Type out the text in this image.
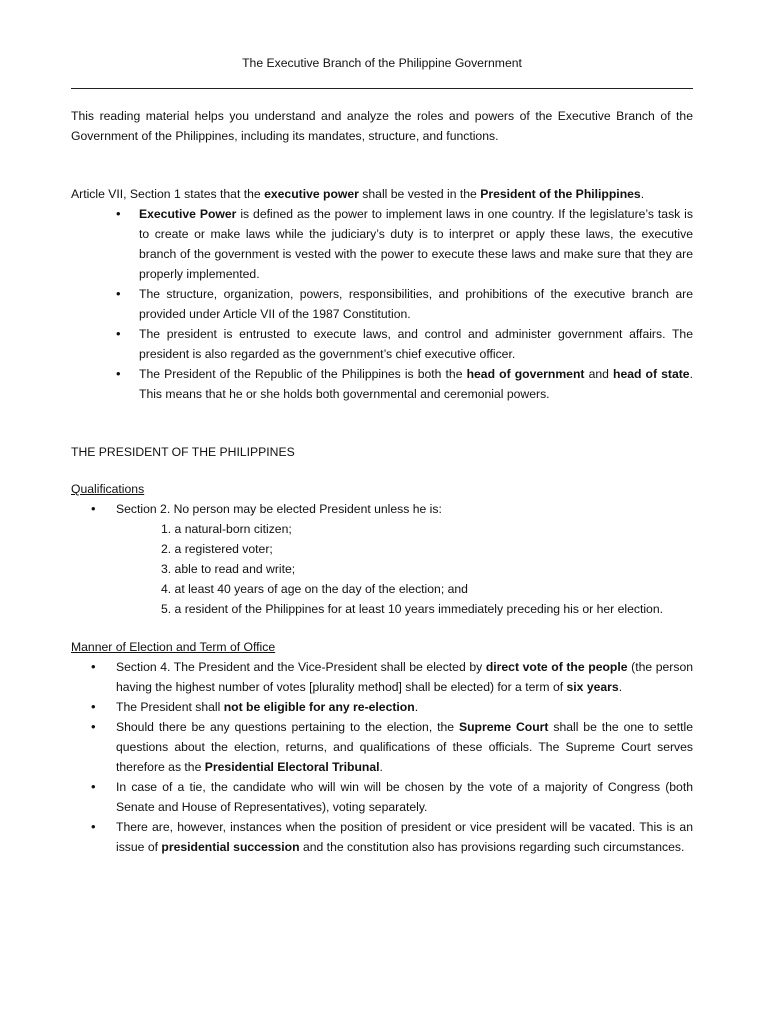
The Executive Branch of the Philippine Government

This reading material helps you understand and analyze the roles and powers of the Executive Branch of the Government of the Philippines, including its mandates, structure, and functions.

Article VII, Section 1 states that the executive power shall be vested in the President of the Philippines.

• Executive Power is defined as the power to implement laws in one country. If the legislature’s task is to create or make laws while the judiciary’s duty is to interpret or apply these laws, the executive branch of the government is vested with the power to execute these laws and make sure that they are properly implemented.
• The structure, organization, powers, responsibilities, and prohibitions of the executive branch are provided under Article VII of the 1987 Constitution.
• The president is entrusted to execute laws, and control and administer government affairs. The president is also regarded as the government’s chief executive officer.
• The President of the Republic of the Philippines is both the head of government and head of state. This means that he or she holds both governmental and ceremonial powers.

THE PRESIDENT OF THE PHILIPPINES

Qualifications

• Section 2. No person may be elected President unless he is:
1. a natural-born citizen;
2. a registered voter;
3. able to read and write;
4. at least 40 years of age on the day of the election; and
5. a resident of the Philippines for at least 10 years immediately preceding his or her election.

Manner of Election and Term of Office

• Section 4. The President and the Vice-President shall be elected by direct vote of the people (the person having the highest number of votes [plurality method] shall be elected) for a term of six years.
• The President shall not be eligible for any re-election.
• Should there be any questions pertaining to the election, the Supreme Court shall be the one to settle questions about the election, returns, and qualifications of these officials. The Supreme Court serves therefore as the Presidential Electoral Tribunal.
• In case of a tie, the candidate who will win will be chosen by the vote of a majority of Congress (both Senate and House of Representatives), voting separately.
• There are, however, instances when the position of president or vice president will be vacated. This is an issue of presidential succession and the constitution also has provisions regarding such circumstances.
